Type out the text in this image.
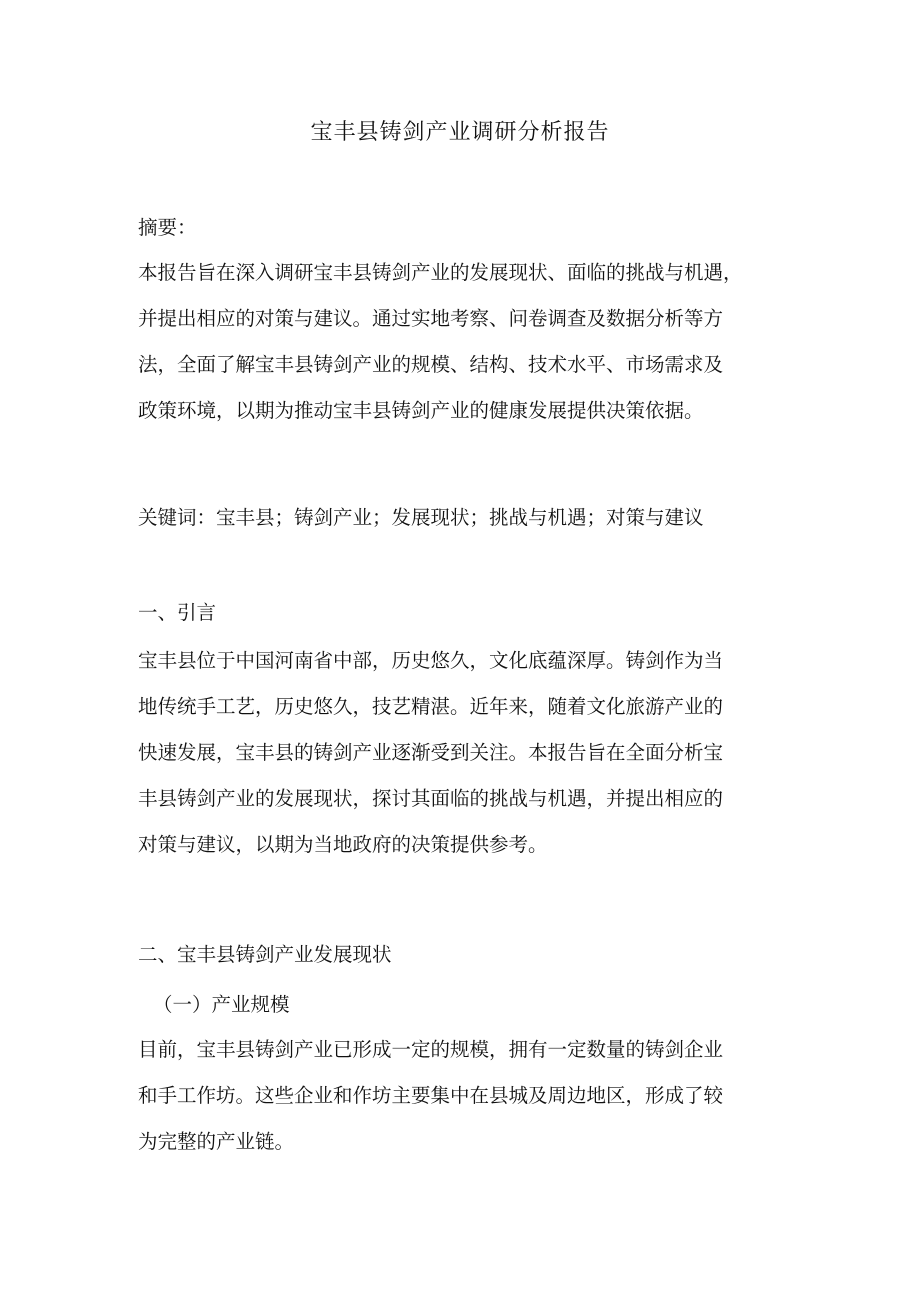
宝丰县铸剑产业调研分析报告
摘要：
本报告旨在深入调研宝丰县铸剑产业的发展现状、面临的挑战与机遇，
并提出相应的对策与建议。通过实地考察、问卷调查及数据分析等方
法，全面了解宝丰县铸剑产业的规模、结构、技术水平、市场需求及
政策环境，以期为推动宝丰县铸剑产业的健康发展提供决策依据。
关键词：宝丰县；铸剑产业；发展现状；挑战与机遇；对策与建议
一、引言
宝丰县位于中国河南省中部，历史悠久，文化底蕴深厚。铸剑作为当
地传统手工艺，历史悠久，技艺精湛。近年来，随着文化旅游产业的
快速发展，宝丰县的铸剑产业逐渐受到关注。本报告旨在全面分析宝
丰县铸剑产业的发展现状，探讨其面临的挑战与机遇，并提出相应的
对策与建议，以期为当地政府的决策提供参考。
二、宝丰县铸剑产业发展现状
（一）产业规模
目前，宝丰县铸剑产业已形成一定的规模，拥有一定数量的铸剑企业
和手工作坊。这些企业和作坊主要集中在县城及周边地区，形成了较
为完整的产业链。
